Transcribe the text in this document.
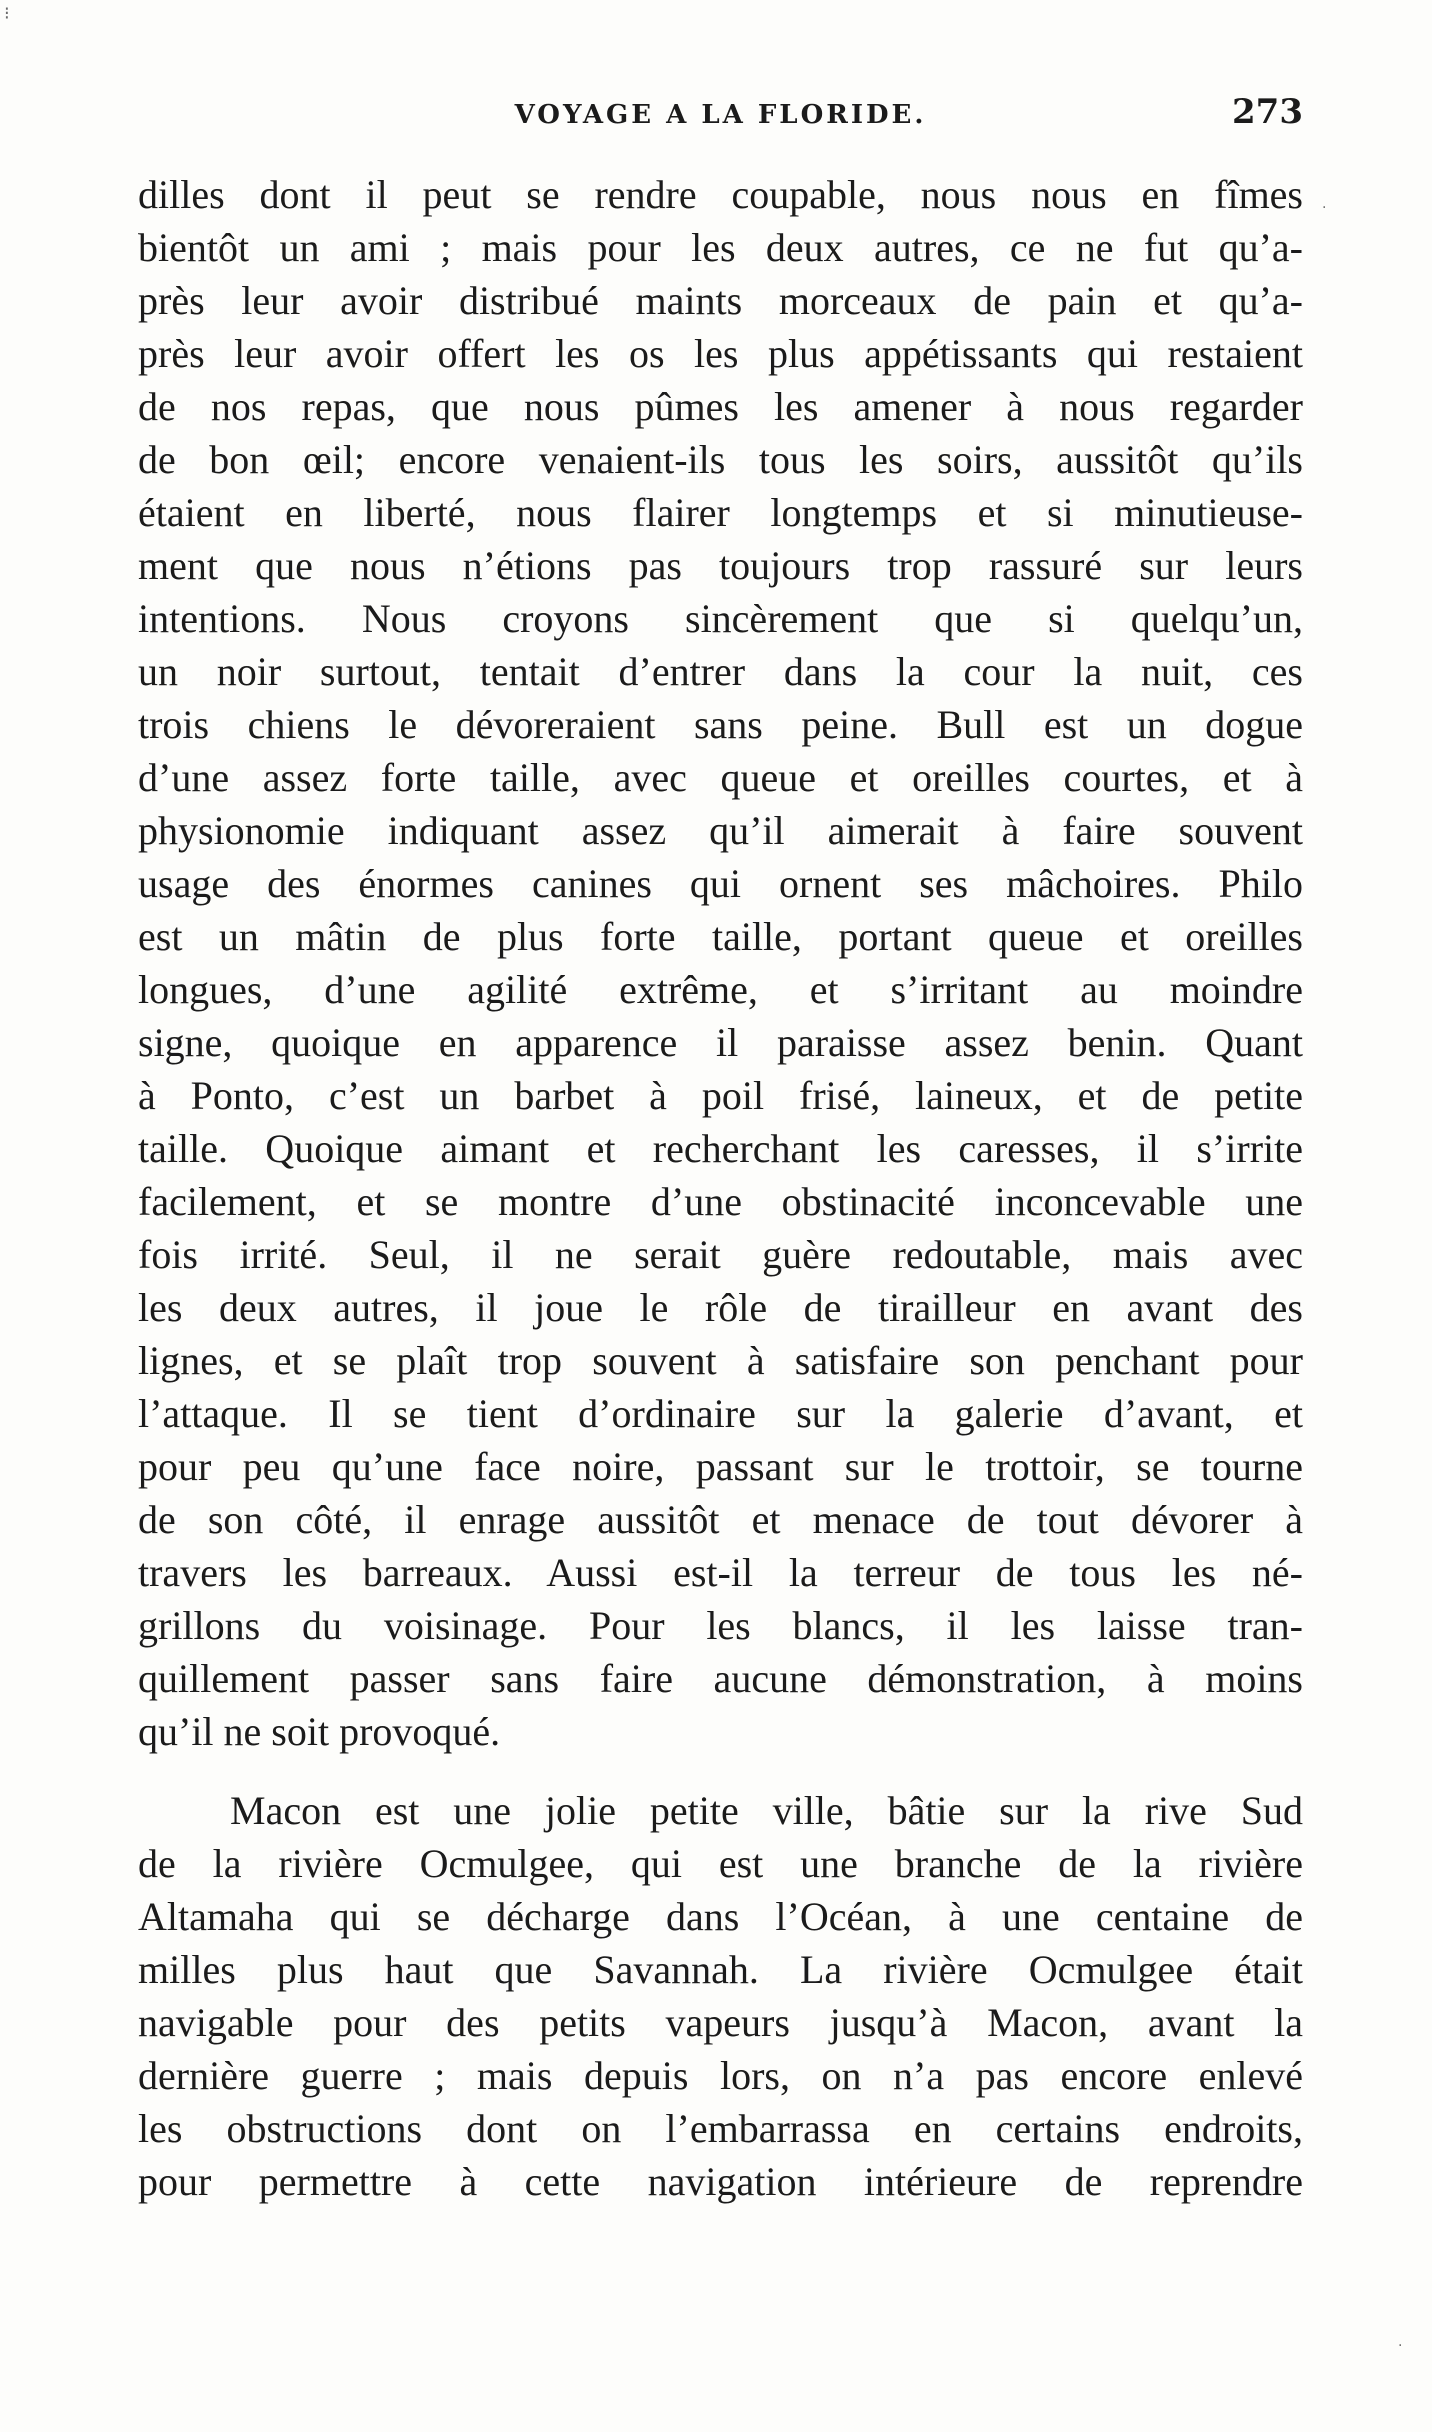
VOYAGE A LA FLORIDE.	273
dilles dont il peut se rendre coupable, nous nous en fîmes
bientôt un ami ; mais pour les deux autres, ce ne fut qu’a-
près leur avoir distribué maints morceaux de pain et qu’a-
près leur avoir offert les os les plus appétissants qui restaient
de nos repas, que nous pûmes les amener à nous regarder
de bon œil; encore venaient-ils tous les soirs, aussitôt qu’ils
étaient en liberté, nous flairer longtemps et si minutieuse-
ment que nous n’étions pas toujours trop rassuré sur leurs
intentions. Nous croyons sincèrement que si quelqu’un,
un noir surtout, tentait d’entrer dans la cour la nuit, ces
trois chiens le dévoreraient sans peine. Bull est un dogue
d’une assez forte taille, avec queue et oreilles courtes, et à
physionomie indiquant assez qu’il aimerait à faire souvent
usage des énormes canines qui ornent ses mâchoires. Philo
est un mâtin de plus forte taille, portant queue et oreilles
longues, d’une agilité extrême, et s’irritant au moindre
signe, quoique en apparence il paraisse assez benin. Quant
à Ponto, c’est un barbet à poil frisé, laineux, et de petite
taille. Quoique aimant et recherchant les caresses, il s’irrite
facilement, et se montre d’une obstinacité inconcevable une
fois irrité. Seul, il ne serait guère redoutable, mais avec
les deux autres, il joue le rôle de tirailleur en avant des
lignes, et se plaît trop souvent à satisfaire son penchant pour
l’attaque. Il se tient d’ordinaire sur la galerie d’avant, et
pour peu qu’une face noire, passant sur le trottoir, se tourne
de son côté, il enrage aussitôt et menace de tout dévorer à
travers les barreaux. Aussi est-il la terreur de tous les né-
grillons du voisinage. Pour les blancs, il les laisse tran-
quillement passer sans faire aucune démonstration, à moins
qu’il ne soit provoqué.
Macon est une jolie petite ville, bâtie sur la rive Sud
de la rivière Ocmulgee, qui est une branche de la rivière
Altamaha qui se décharge dans l’Océan, à une centaine de
milles plus haut que Savannah. La rivière Ocmulgee était
navigable pour des petits vapeurs jusqu’à Macon, avant la
dernière guerre ; mais depuis lors, on n’a pas encore enlevé
les obstructions dont on l’embarrassa en certains endroits,
pour permettre à cette navigation intérieure de reprendre
.
·
⁝
